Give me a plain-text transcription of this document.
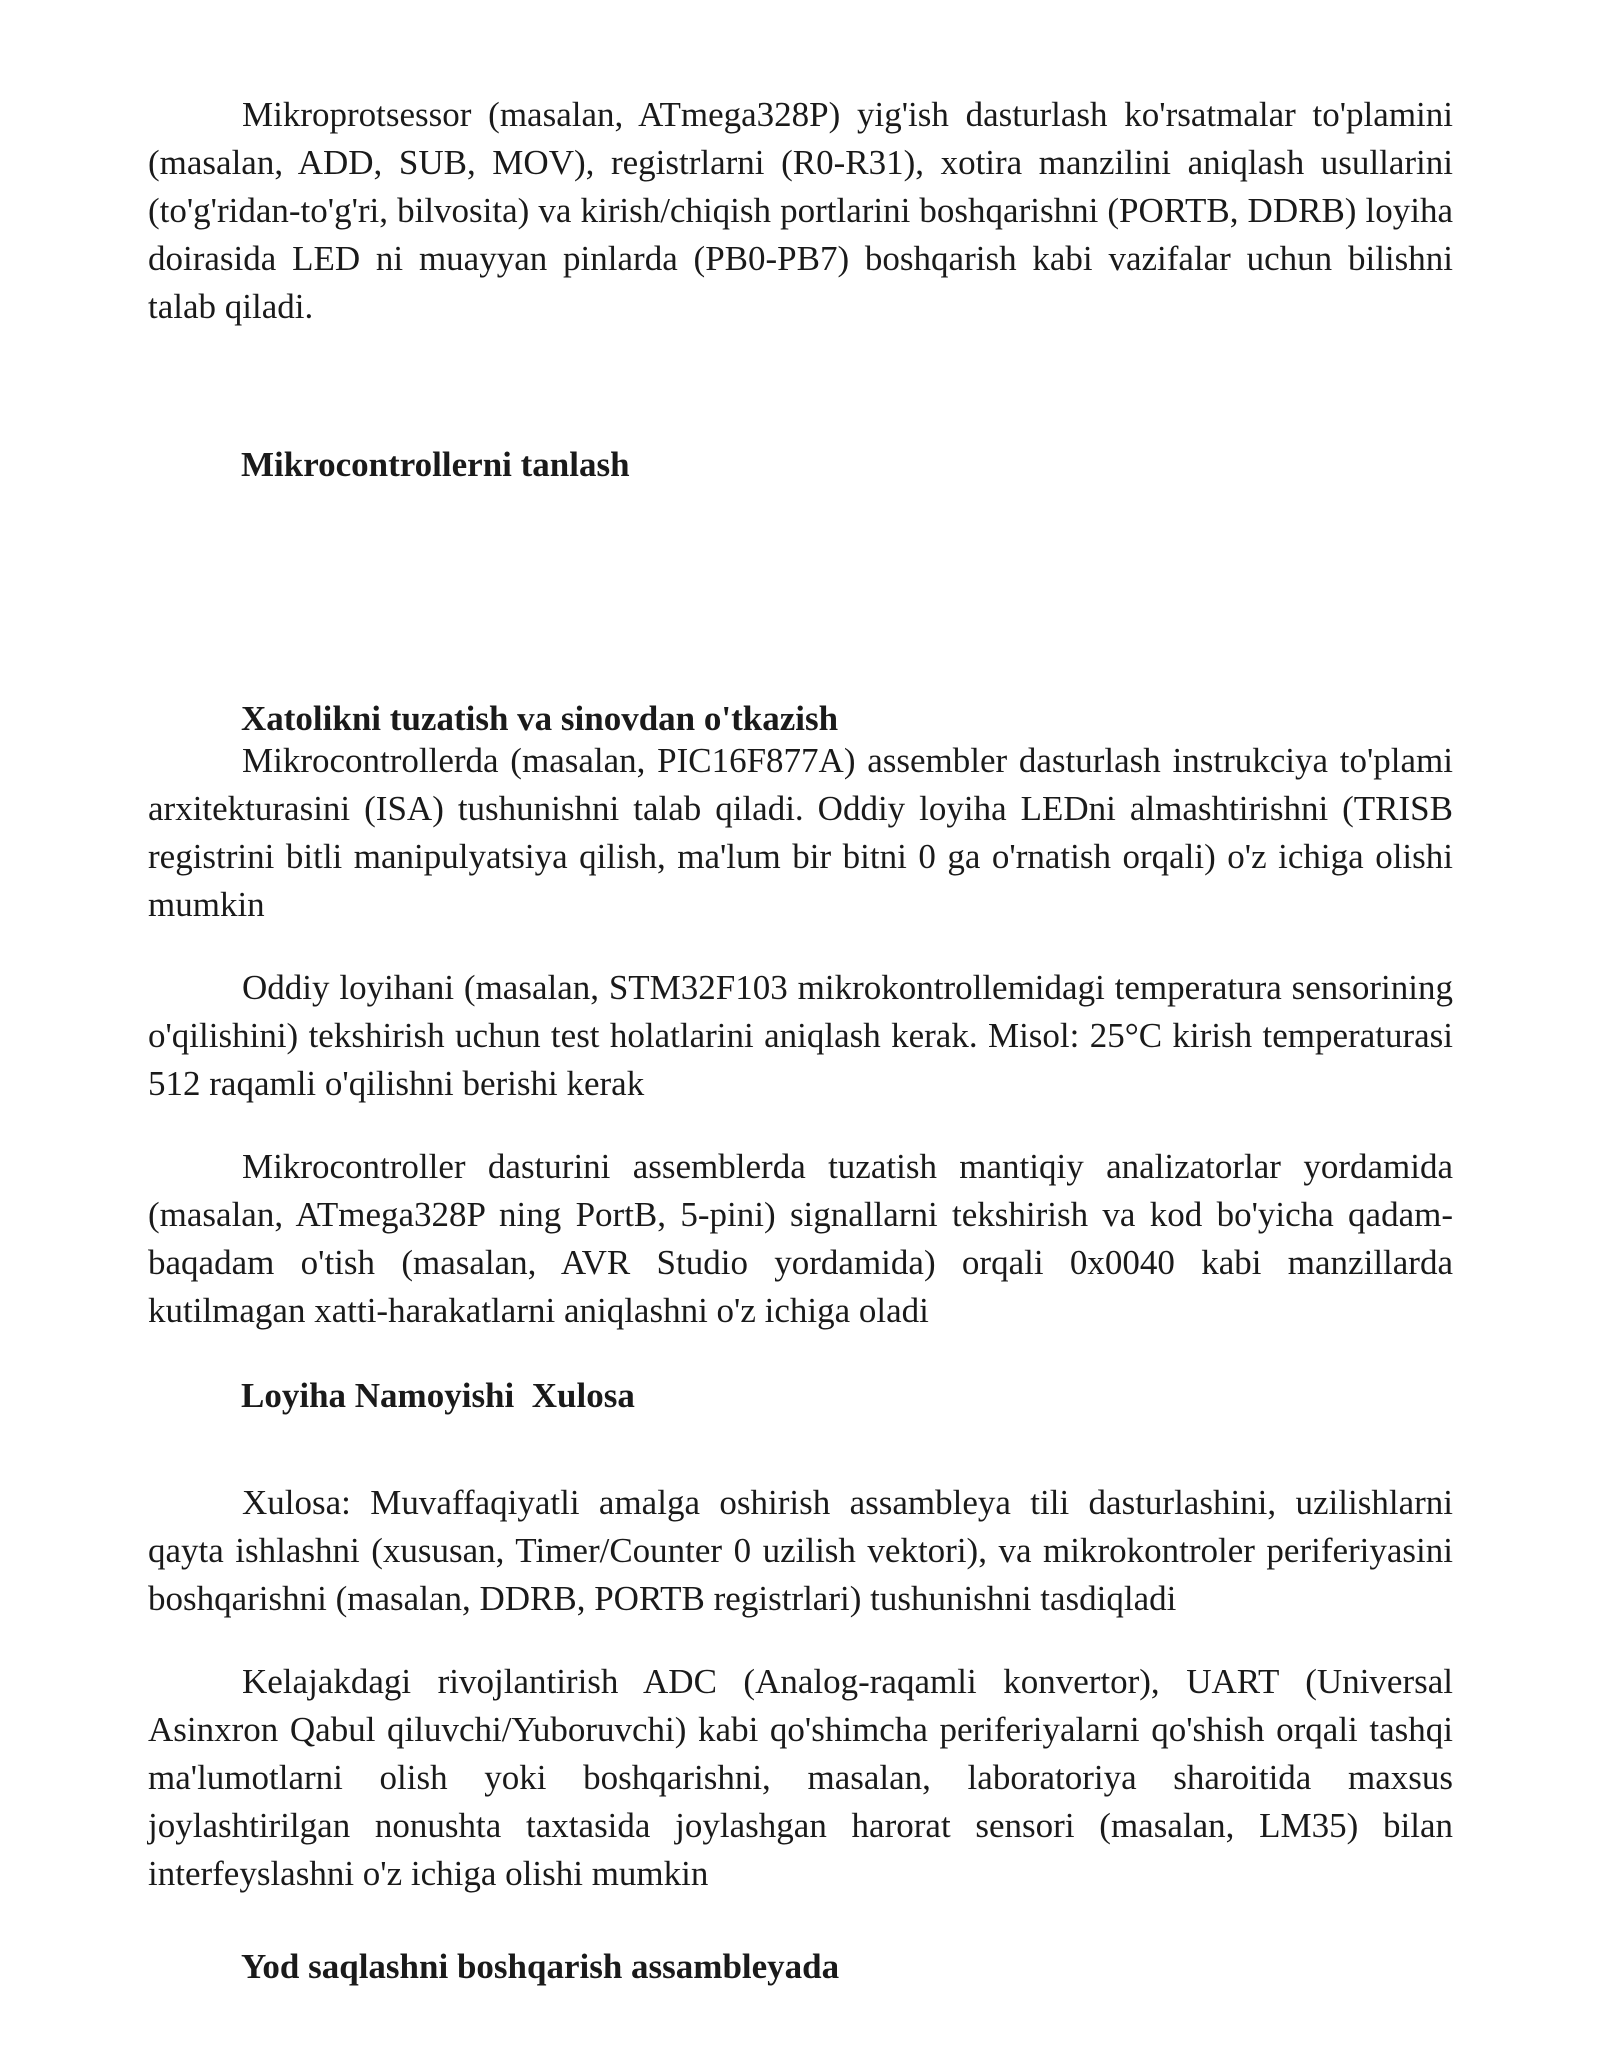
Mikroprotsessor (masalan, ATmega328P) yig'ish dasturlash ko'rsatmalar to'plamini (masalan, ADD, SUB, MOV), registrlarni (R0-R31), xotira manzilini aniqlash usullarini (to'g'ridan-to'g'ri, bilvosita) va kirish/chiqish portlarini boshqarishni (PORTB, DDRB) loyiha doirasida LED ni muayyan pinlarda (PB0-PB7) boshqarish kabi vazifalar uchun bilishni talab qiladi.

Mikrocontrollerni tanlash

Xatolikni tuzatish va sinovdan o'tkazish

Mikrocontrollerda (masalan, PIC16F877A) assembler dasturlash instrukciya to'plami arxitekturasini (ISA) tushunishni talab qiladi. Oddiy loyiha LEDni almashtirishni (TRISB registrini bitli manipulyatsiya qilish, ma'lum bir bitni 0 ga o'rnatish orqali) o'z ichiga olishi mumkin

Oddiy loyihani (masalan, STM32F103 mikrokontrollemidagi temperatura sensorining o'qilishini) tekshirish uchun test holatlarini aniqlash kerak. Misol: 25°C kirish temperaturasi 512 raqamli o'qilishni berishi kerak

Mikrocontroller dasturini assemblerda tuzatish mantiqiy analizatorlar yordamida (masalan, ATmega328P ning PortB, 5-pini) signallarni tekshirish va kod bo'yicha qadam-baqadam o'tish (masalan, AVR Studio yordamida) orqali 0x0040 kabi manzillarda kutilmagan xatti-harakatlarni aniqlashni o'z ichiga oladi

Loyiha Namoyishi  Xulosa

Xulosa: Muvaffaqiyatli amalga oshirish assambleya tili dasturlashini, uzilishlarni qayta ishlashni (xususan, Timer/Counter 0 uzilish vektori), va mikrokontroler periferiyasini boshqarishni (masalan, DDRB, PORTB registrlari) tushunishni tasdiqladi

Kelajakdagi rivojlantirish ADC (Analog-raqamli konvertor), UART (Universal Asinxron Qabul qiluvchi/Yuboruvchi) kabi qo'shimcha periferiyalarni qo'shish orqali tashqi ma'lumotlarni olish yoki boshqarishni, masalan, laboratoriya sharoitida maxsus joylashtirilgan nonushta taxtasida joylashgan harorat sensori (masalan, LM35) bilan interfeyslashni o'z ichiga olishi mumkin

Yod saqlashni boshqarish assambleyada
